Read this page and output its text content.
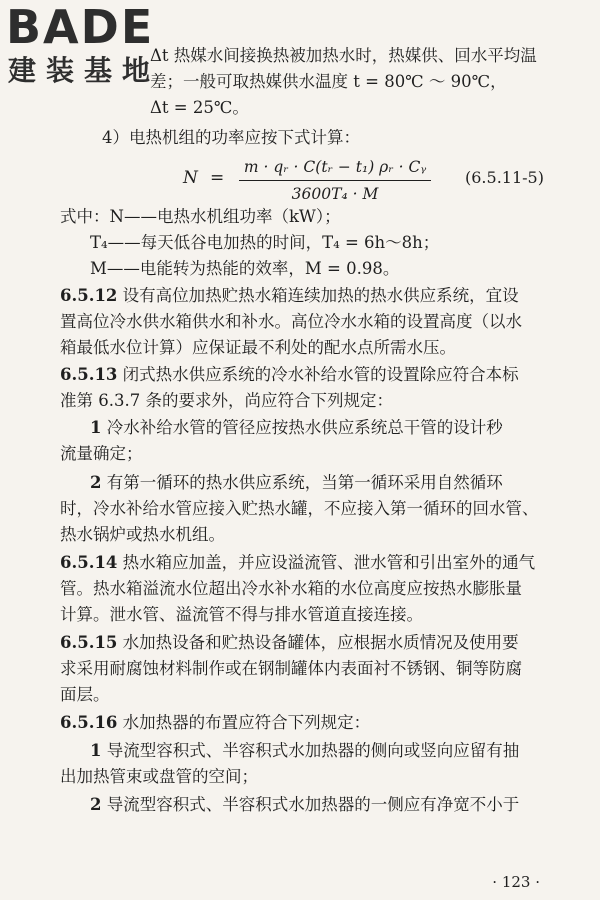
BADE
建装基地
Δt 热媒水间接换热被加热水时，热媒供、回水平均温
差；一般可取热媒供水温度 t = 80℃ ～ 90℃，
Δt = 25℃。
4）电热机组的功率应按下式计算：
N =
m · qᵣ · C(tᵣ − t₁) ρᵣ · Cᵧ
3600T₄ · M
(6.5.11-5)
式中：N——电热水机组功率（kW）；
T₄——每天低谷电加热的时间，T₄ = 6h～8h；
M——电能转为热能的效率，M = 0.98。
6.5.12 设有高位加热贮热水箱连续加热的热水供应系统，宜设
置高位冷水供水箱供水和补水。高位冷水水箱的设置高度（以水
箱最低水位计算）应保证最不利处的配水点所需水压。
6.5.13 闭式热水供应系统的冷水补给水管的设置除应符合本标
准第 6.3.7 条的要求外，尚应符合下列规定：
1 冷水补给水管的管径应按热水供应系统总干管的设计秒
流量确定；
2 有第一循环的热水供应系统，当第一循环采用自然循环
时，冷水补给水管应接入贮热水罐，不应接入第一循环的回水管、
热水锅炉或热水机组。
6.5.14 热水箱应加盖，并应设溢流管、泄水管和引出室外的通气
管。热水箱溢流水位超出冷水补水箱的水位高度应按热水膨胀量
计算。泄水管、溢流管不得与排水管道直接连接。
6.5.15 水加热设备和贮热设备罐体，应根据水质情况及使用要
求采用耐腐蚀材料制作或在钢制罐体内表面衬不锈钢、铜等防腐
面层。
6.5.16 水加热器的布置应符合下列规定：
1 导流型容积式、半容积式水加热器的侧向或竖向应留有抽
出加热管束或盘管的空间；
2 导流型容积式、半容积式水加热器的一侧应有净宽不小于
· 123 ·
